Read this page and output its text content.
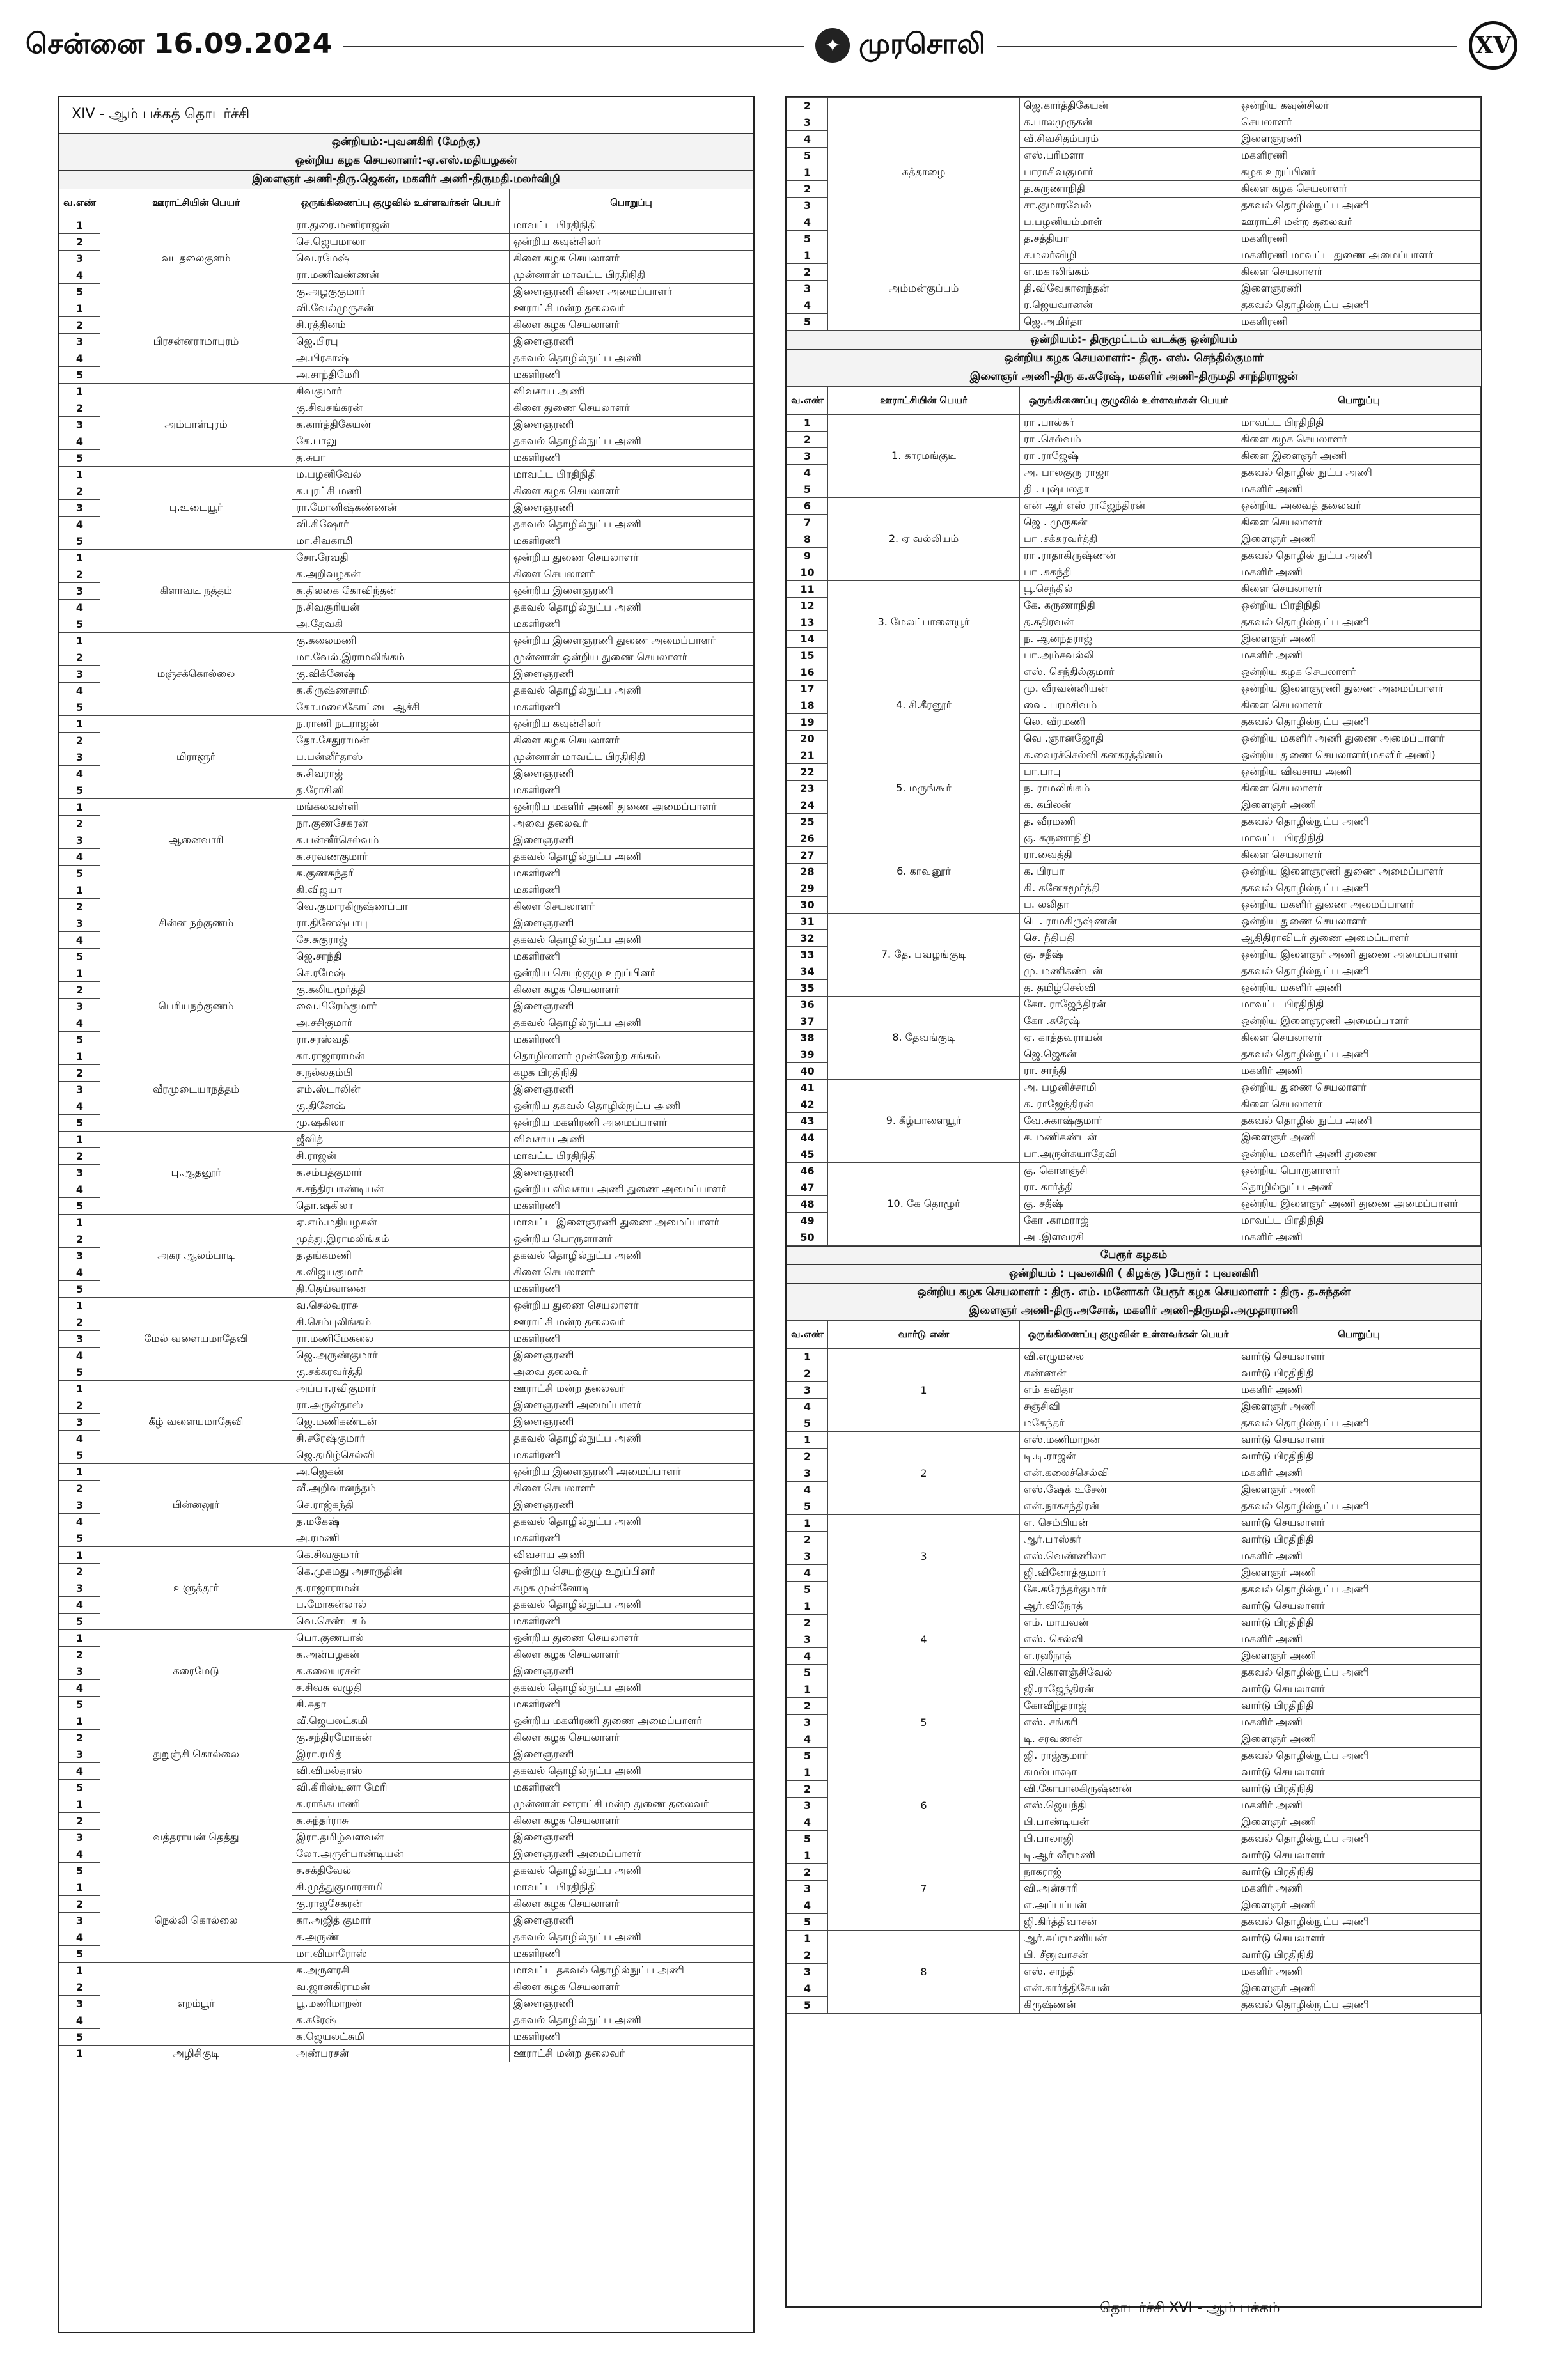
சென்னை 16.09.2024	✦ முரசொலி	XV
XIV - ஆம் பக்கத் தொடர்ச்சி
ஒன்றியம்:-புவனகிரி (மேற்கு)
ஒன்றிய கழக செயலாளர்:-ஏ.எஸ்.மதியழகன்
இளைஞர் அணி-திரு.ஜெகன், மகளிர் அணி-திருமதி.மலர்விழி
வ.எண்	ஊராட்சியின் பெயர்	ஒருங்கிணைப்பு குழுவில் உள்ளவர்கள் பெயர்	பொறுப்பு
1	வடதலைகுளம்	ரா.துரை.மணிராஜன்	மாவட்ட பிரதிநிதி
2		செ.ஜெயமாலா	ஒன்றிய கவுன்சிலர்
3		வெ.ரமேஷ்	கிளை கழக செயலாளர்
4		ரா.மணிவண்ணன்	முன்னாள் மாவட்ட பிரதிநிதி
5		கு.அழகுகுமார்	இளைஞரணி கிளை அமைப்பாளர்
1	பிரசன்னராமாபுரம்	வி.வேல்முருகன்	ஊராட்சி மன்ற தலைவர்
2		சி.ரத்தினம்	கிளை கழக செயலாளர்
3		ஜெ.பிரபு	இளைஞரணி
4		அ.பிரகாஷ்	தகவல் தொழில்நுட்ப அணி
5		அ.சாந்திமேரி	மகளிரணி
1	அம்பாள்புரம்	சிவகுமார்	விவசாய அணி
2		கு.சிவசங்கரன்	கிளை துணை செயலாளர்
3		க.கார்த்திகேயன்	இளைஞரணி
4		கே.பாலு	தகவல் தொழில்நுட்ப அணி
5		த.சுபா	மகளிரணி
1	பு.உடையூர்	ம.பழனிவேல்	மாவட்ட பிரதிநிதி
2		க.புரட்சி மணி	கிளை கழக செயலாளர்
3		ரா.மோனிஷ்கண்ணன்	இளைஞரணி
4		வி.கிஷோர்	தகவல் தொழில்நுட்ப அணி
5		மா.சிவகாமி	மகளிரணி
1	கிளாவடி நத்தம்	சோ.ரேவதி	ஒன்றிய துணை செயலாளர்
2		க.அறிவழகன்	கிளை செயலாளர்
3		க.திலகை கோவிந்தன்	ஒன்றிய இளைஞரணி
4		ந.சிவசூரியன்	தகவல் தொழில்நுட்ப அணி
5		அ.தேவகி	மகளிரணி
1	மஞ்சக்கொல்லை	கு.கலைமணி	ஒன்றிய இளைஞரணி துணை அமைப்பாளர்
2		மா.வேல்.இராமலிங்கம்	முன்னாள் ஒன்றிய துணை செயலாளர்
3		கு.விக்னேஷ்	இளைஞரணி
4		க.கிருஷ்ணசாமி	தகவல் தொழில்நுட்ப அணி
5		கோ.மலைகோட்டை ஆச்சி	மகளிரணி
1	மிராளூர்	ந.ராணி நடராஜன்	ஒன்றிய கவுன்சிலர்
2		தோ.சேதுராமன்	கிளை கழக செயலாளர்
3		ப.பன்னீர்தாஸ்	முன்னாள் மாவட்ட பிரதிநிதி
4		சு.சிவராஜ்	இளைஞரணி
5		த.ரோசினி	மகளிரணி
1	ஆனைவாரி	மங்கலவள்ளி	ஒன்றிய மகளிர் அணி துணை அமைப்பாளர்
2		நா.குணசேகரன்	அவை தலைவர்
3		க.பன்னீர்செல்வம்	இளைஞரணி
4		க.சரவணகுமார்	தகவல் தொழில்நுட்ப அணி
5		க.குணசுந்தரி	மகளிரணி
1	சின்ன நற்குணம்	கி.விஜயா	மகளிரணி
2		வெ.குமாரகிருஷ்ணப்பா	கிளை செயலாளர்
3		ரா.தினேஷ்பாபு	இளைஞரணி
4		சே.சுகுராஜ்	தகவல் தொழில்நுட்ப அணி
5		ஜெ.சாந்தி	மகளிரணி
1	பெரியநற்குணம்	செ.ரமேஷ்	ஒன்றிய செயற்குழு உறுப்பினர்
2		கு.கலியமூர்த்தி	கிளை கழக செயலாளர்
3		வை.பிரேம்குமார்	இளைஞரணி
4		அ.சசிகுமார்	தகவல் தொழில்நுட்ப அணி
5		ரா.சரஸ்வதி	மகளிரணி
1	வீரமுடையாநத்தம்	கா.ராஜாராமன்	தொழிலாளர் முன்னேற்ற சங்கம்
2		ச.நல்லதம்பி	கழக பிரதிநிதி
3		எம்.ஸ்டாலின்	இளைஞரணி
4		கு.தினேஷ்	ஒன்றிய தகவல் தொழில்நுட்ப அணி
5		மு.ஷகிலா	ஒன்றிய மகளிரணி அமைப்பாளர்
1	பு.ஆதனூர்	ஜீவித்	விவசாய அணி
2		சி.ராஜன்	மாவட்ட பிரதிநிதி
3		க.சம்பத்குமார்	இளைஞரணி
4		ச.சந்திரபாண்டியன்	ஒன்றிய விவசாய அணி துணை அமைப்பாளர்
5		தொ.ஷகிலா	மகளிரணி
1	அகர ஆலம்பாடி	ஏ.எம்.மதியழகன்	மாவட்ட இளைஞரணி துணை அமைப்பாளர்
2		முத்து.இராமலிங்கம்	ஒன்றிய பொருளாளர்
3		த.தங்கமணி	தகவல் தொழில்நுட்ப அணி
4		க.விஜயகுமார்	கிளை செயலாளர்
5		தி.தெய்வானை	மகளிரணி
1	மேல் வளையமாதேவி	வ.செல்வராசு	ஒன்றிய துணை செயலாளர்
2		சி.செம்புலிங்கம்	ஊராட்சி மன்ற தலைவர்
3		ரா.மணிமேகலை	மகளிரணி
4		ஜெ.அருண்குமார்	இளைஞரணி
5		கு.சக்கரவர்த்தி	அவை தலைவர்
1	கீழ் வளையமாதேவி	அப்பா.ரவிகுமார்	ஊராட்சி மன்ற தலைவர்
2		ரா.அருள்தாஸ்	இளைஞரணி அமைப்பாளர்
3		ஜெ.மணிகண்டன்	இளைஞரணி
4		சி.சரேஷ்குமார்	தகவல் தொழில்நுட்ப அணி
5		ஜெ.தமிழ்செல்வி	மகளிரணி
1	பின்னலூர்	அ.ஜெகன்	ஒன்றிய இளைஞரணி அமைப்பாளர்
2		வீ.அறிவானந்தம்	கிளை செயலாளர்
3		செ.ராஜ்கந்தி	இளைஞரணி
4		த.மகேஷ்	தகவல் தொழில்நுட்ப அணி
5		அ.ரமணி	மகளிரணி
1	உளுத்தூர்	கெ.சிவகுமார்	விவசாய அணி
2		கெ.முகமது அசாருதின்	ஒன்றிய செயற்குழு உறுப்பினர்
3		த.ராஜாராமன்	கழக முன்னோடி
4		ப.மோகன்லால்	தகவல் தொழில்நுட்ப அணி
5		வெ.செண்பகம்	மகளிரணி
1	கரைமேடு	பொ.குணபால்	ஒன்றிய துணை செயலாளர்
2		க.அன்பழகன்	கிளை கழக செயலாளர்
3		க.கலையரசன்	இளைஞரணி
4		ச.சிவசு வழுதி	தகவல் தொழில்நுட்ப அணி
5		சி.சுதா	மகளிரணி
1	துறுஞ்சி கொல்லை	வீ.ஜெயலட்சுமி	ஒன்றிய மகளிரணி துணை அமைப்பாளர்
2		கு.சந்திரமோகன்	கிளை கழக செயலாளர்
3		இரா.ரமித்	இளைஞரணி
4		வி.விமல்தாஸ்	தகவல் தொழில்நுட்ப அணி
5		வி.கிரிஸ்டினா மேரி	மகளிரணி
1	வத்தராயன் தெத்து	க.ராங்கபாணி	முன்னாள் ஊராட்சி மன்ற துணை தலைவர்
2		க.சுந்தர்ராசு	கிளை கழக செயலாளர்
3		இரா.தமிழ்வளவன்	இளைஞரணி
4		லோ.அருள்பாண்டியன்	இளைஞரணி அமைப்பாளர்
5		ச.சக்திவேல்	தகவல் தொழில்நுட்ப அணி
1	நெல்லி கொல்லை	சி.முத்துகுமாரசாமி	மாவட்ட பிரதிநிதி
2		கு.ராஜசேகரன்	கிளை கழக செயலாளர்
3		கா.அஜித் குமார்	இளைஞரணி
4		ச.அருண்	தகவல் தொழில்நுட்ப அணி
5		மா.விமாரோஸ்	மகளிரணி
1	எறம்பூர்	க.அருளரசி	மாவட்ட தகவல் தொழில்நுட்ப அணி
2		வ.ஜானகிராமன்	கிளை கழக செயலாளர்
3		பூ.மணிமாறன்	இளைஞரணி
4		க.சுரேஷ்	தகவல் தொழில்நுட்ப அணி
5		க.ஜெயலட்சுமி	மகளிரணி
1	அழிசிகுடி	அண்பரசன்	ஊராட்சி மன்ற தலைவர்
2	சுத்தாழை	ஜெ.கார்த்திகேயன்	ஒன்றிய கவுன்சிலர்
3		க.பாலமுருகன்	செயலாளர்
4		வீ.சிவசிதம்பரம்	இளைஞரணி
5		எஸ்.பரிமளா	மகளிரணி
1		பாராசிவகுமார்	கழக உறுப்பினர்
2		த.சுருணாநிதி	கிளை கழக செயலாளர்
3		சா.குமாரவேல்	தகவல் தொழில்நுட்ப அணி
4		ப.பழனியம்மாள்	ஊராட்சி மன்ற தலைவர்
5		த.சத்தியா	மகளிரணி
1	அம்மன்குப்பம்	ச.மலர்விழி	மகளிரணி மாவட்ட துணை அமைப்பாளர்
2		எ.மகாலிங்கம்	கிளை செயலாளர்
3		தி.விவேகானந்தன்	இளைஞரணி
4		ர.ஜெயவானன்	தகவல் தொழில்நுட்ப அணி
5		ஜெ.அமிர்தா	மகளிரணி
ஒன்றியம்:- திருமுட்டம் வடக்கு ஒன்றியம்
ஒன்றிய கழக செயலாளர்:- திரு. எஸ். செந்தில்குமார்
இளைஞர் அணி-திரு க.சுரேஷ், மகளிர் அணி-திருமதி சாந்திராஜன்
வ.எண்	ஊராட்சியின் பெயர்	ஒருங்கிணைப்பு குழுவில் உள்ளவர்கள் பெயர்	பொறுப்பு
1	1. காரமங்குடி	ரா .பால்கர்	மாவட்ட பிரதிநிதி
2		ரா .செல்வம்	கிளை கழக செயலாளர்
3		ரா .ராஜேஷ்	கிளை இளைஞர் அணி
4		அ. பாலகுரு ராஜா	தகவல் தொழில் நுட்ப அணி
5		தி . புஷ்பலதா	மகளிர் அணி
6	2. ஏ வல்லியம்	என் ஆர் எஸ் ராஜேந்திரன்	ஒன்றிய அவைத் தலைவர்
7		ஜெ . முருகன்	கிளை செயலாளர்
8		பா .சக்கரவர்த்தி	இளைஞர் அணி
9		ரா .ராதாகிருஷ்ணன்	தகவல் தொழில் நுட்ப அணி
10		பா .சுகந்தி	மகளிர் அணி
11	3. மேலப்பாளையூர்	பூ.செந்தில்	கிளை செயலாளர்
12		கே. கருணாநிதி	ஒன்றிய பிரதிநிதி
13		த.கதிரவன்	தகவல் தொழில்நுட்ப அணி
14		ந. ஆனந்தராஜ்	இளைஞர் அணி
15		பா.அம்சவல்லி	மகளிர் அணி
16	4. சி.கீரனூர்	எஸ். செந்தில்குமார்	ஒன்றிய கழக செயலாளர்
17		மு. வீரவன்னியன்	ஒன்றிய இளைஞரணி துணை அமைப்பாளர்
18		வை. பரமசிவம்	கிளை செயலாளர்
19		லெ. வீரமணி	தகவல் தொழில்நுட்ப அணி
20		வெ .ஞானஜோதி	ஒன்றிய மகளிர் அணி துணை அமைப்பாளர்
21	5. மருங்கூர்	க.வைரச்செல்வி கனகரத்தினம்	ஒன்றிய துணை செயலாளர்(மகளிர் அணி)
22		பா.பாபு	ஒன்றிய விவசாய அணி
23		ந. ராமலிங்கம்	கிளை செயலாளர்
24		க. கபிலன்	இளைஞர் அணி
25		த. வீரமணி	தகவல் தொழில்நுட்ப அணி
26	6. காவனூர்	கு. கருணாநிதி	மாவட்ட பிரதிநிதி
27		ரா.வைத்தி	கிளை செயலாளர்
28		க. பிரபா	ஒன்றிய இளைஞரணி துணை அமைப்பாளர்
29		கி. கனேசமூர்த்தி	தகவல் தொழில்நுட்ப அணி
30		ப. லலிதா	ஒன்றிய மகளிர் துணை அமைப்பாளர்
31	7. தே. பவழங்குடி	பெ. ராமகிருஷ்ணன்	ஒன்றிய துணை செயலாளர்
32		செ. நீதிபதி	ஆதிதிராவிடர் துணை அமைப்பாளர்
33		கு. சதீஷ்	ஒன்றிய இளைஞர் அணி துணை அமைப்பாளர்
34		மு. மணிகண்டன்	தகவல் தொழில்நுட்ப அணி
35		த. தமிழ்செல்வி	ஒன்றிய மகளிர் அணி
36	8. தேவங்குடி	கோ. ராஜேந்திரன்	மாவட்ட பிரதிநிதி
37		கோ .சுரேஷ்	ஒன்றிய இளைஞரணி அமைப்பாளர்
38		ஏ. காத்தவராயன்	கிளை செயலாளர்
39		ஜெ.ஜெகன்	தகவல் தொழில்நுட்ப அணி
40		ரா. சாந்தி	மகளிர் அணி
41	9. கீழ்பாளையூர்	அ. பழனிச்சாமி	ஒன்றிய துணை செயலாளர்
42		க. ராஜேந்திரன்	கிளை செயலாளர்
43		வே.சுகாஷ்குமார்	தகவல் தொழில் நுட்ப அணி
44		ச. மணிகண்டன்	இளைஞர் அணி
45		பா.அருள்சுயாதேவி	ஒன்றிய மகளிர் அணி துணை
46	10. கே தொழூர்	கு. கொளஞ்சி	ஒன்றிய பொருளாளர்
47		ரா. கார்த்தி	தொழில்நுட்ப அணி
48		கு. சதீஷ்	ஒன்றிய இளைஞர் அணி துணை அமைப்பாளர்
49		கோ .காமராஜ்	மாவட்ட பிரதிநிதி
50		அ .இளவரசி	மகளிர் அணி
பேரூர் கழகம்
ஒன்றியம் : புவனகிரி ( கிழக்கு )பேரூர் : புவனகிரி
ஒன்றிய கழக செயலாளர் : திரு. எம். மனோகர் பேரூர் கழக செயலாளர் : திரு. த.சுந்தன்
இளைஞர் அணி-திரு.அசோக், மகளிர் அணி-திருமதி.அமுதாராணி
வ.எண்	வார்டு எண்	ஒருங்கிணைப்பு குழுவின் உள்ளவர்கள் பெயர்	பொறுப்பு
1	1	வி.எழுமலை	வார்டு செயலாளர்
2		கண்ணன்	வார்டு பிரதிநிதி
3		எம் கவிதா	மகளிர் அணி
4		சஞ்சிவி	இளைஞர் அணி
5		மகேந்தர்	தகவல் தொழில்நுட்ப அணி
1	2	எஸ்.மணிமாறன்	வார்டு செயலாளர்
2		டி.டி.ராஜன்	வார்டு பிரதிநிதி
3		என்.கலைச்செல்வி	மகளிர் அணி
4		எஸ்.ஷேக் உசேன்	இளைஞர் அணி
5		என்.நாகசந்திரன்	தகவல் தொழில்நுட்ப அணி
1	3	எ. செம்பியன்	வார்டு செயலாளர்
2		ஆர்.பாஸ்கர்	வார்டு பிரதிநிதி
3		எஸ்.வெண்ணிலா	மகளிர் அணி
4		ஜி.வினோத்குமார்	இளைஞர் அணி
5		கே.சுரேந்தர்குமார்	தகவல் தொழில்நுட்ப அணி
1	4	ஆர்.விநோத்	வார்டு செயலாளர்
2		எம். மாயவன்	வார்டு பிரதிநிதி
3		எஸ். செல்வி	மகளிர் அணி
4		எ.ரஹீநாத்	இளைஞர் அணி
5		வி.கொளஞ்சிவேல்	தகவல் தொழில்நுட்ப அணி
1	5	ஜி.ராஜேந்திரன்	வார்டு செயலாளர்
2		கோவிந்தராஜ்	வார்டு பிரதிநிதி
3		எஸ். சங்கரி	மகளிர் அணி
4		டி. சரவணன்	இளைஞர் அணி
5		ஜி. ராஜ்குமார்	தகவல் தொழில்நுட்ப அணி
1	6	கமல்பாஷா	வார்டு செயலாளர்
2		வி.கோபாலகிருஷ்ணன்	வார்டு பிரதிநிதி
3		எஸ்.ஜெயந்தி	மகளிர் அணி
4		பி.பாண்டியன்	இளைஞர் அணி
5		பி.பாலாஜி	தகவல் தொழில்நுட்ப அணி
1	7	டி.ஆர் வீரமணி	வார்டு செயலாளர்
2		நாகராஜ்	வார்டு பிரதிநிதி
3		வி.அன்சாரி	மகளிர் அணி
4		எ.அப்பப்பன்	இளைஞர் அணி
5		ஜி.கிர்த்திவாசன்	தகவல் தொழில்நுட்ப அணி
1	8	ஆர்.சுப்ரமணியன்	வார்டு செயலாளர்
2		பி. சீனுவாசன்	வார்டு பிரதிநிதி
3		எஸ். சாந்தி	மகளிர் அணி
4		என்.கார்த்திகேயன்	இளைஞர் அணி
5		கிருஷ்ணன்	தகவல் தொழில்நுட்ப அணி
தொடர்ச்சி XVI - ஆம் பக்கம்
